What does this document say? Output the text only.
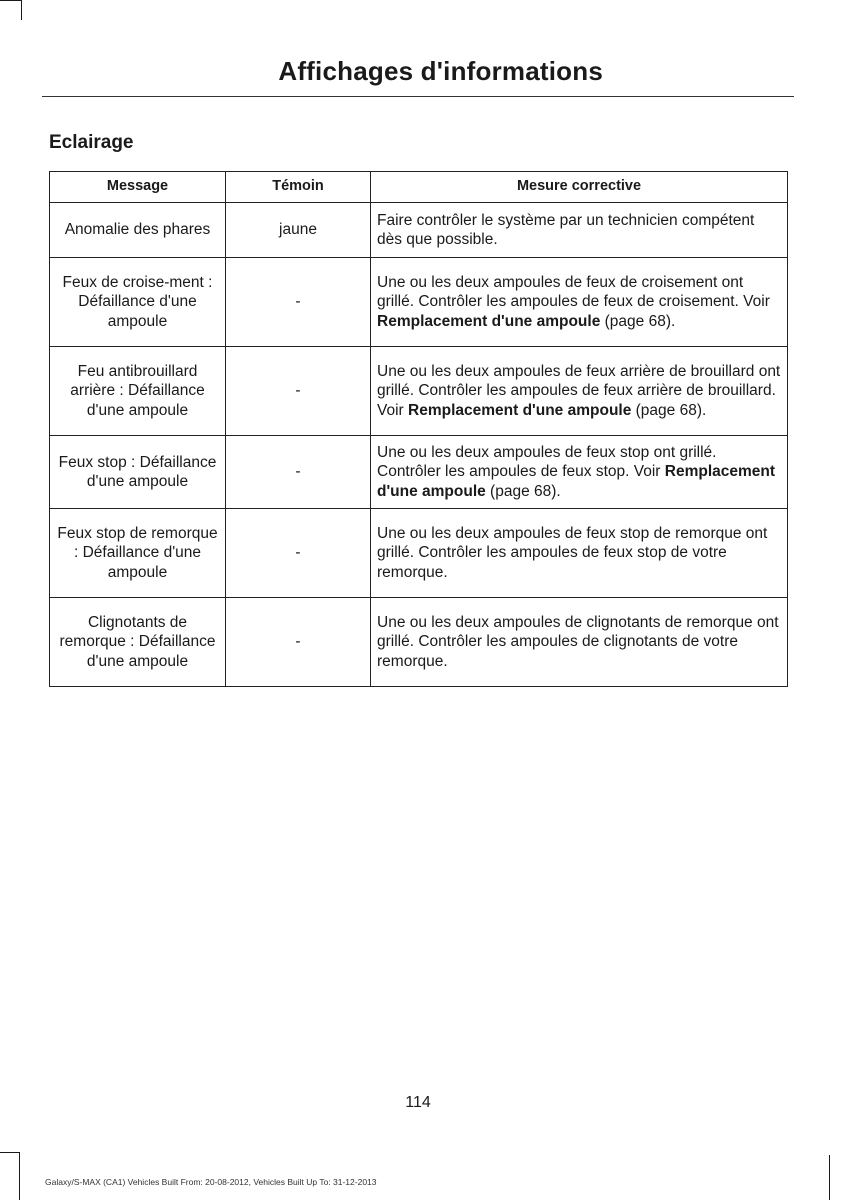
Affichages d'informations
Eclairage
Message	Témoin	Mesure corrective
Anomalie des phares	jaune	Faire contrôler le système par un technicien compétent dès que possible.
Feux de croise-ment : Défaillance d'une ampoule	-	Une ou les deux ampoules de feux de croisement ont grillé. Contrôler les ampoules de feux de croisement. Voir Remplacement d'une ampoule (page 68).
Feu antibrouillard arrière : Défaillance d'une ampoule	-	Une ou les deux ampoules de feux arrière de brouillard ont grillé. Contrôler les ampoules de feux arrière de brouillard. Voir Remplacement d'une ampoule (page 68).
Feux stop : Défaillance d'une ampoule	-	Une ou les deux ampoules de feux stop ont grillé. Contrôler les ampoules de feux stop. Voir Remplacement d'une ampoule (page 68).
Feux stop de remorque : Défaillance d'une ampoule	-	Une ou les deux ampoules de feux stop de remorque ont grillé. Contrôler les ampoules de feux stop de votre remorque.
Clignotants de remorque : Défaillance d'une ampoule	-	Une ou les deux ampoules de clignotants de remorque ont grillé. Contrôler les ampoules de clignotants de votre remorque.
114
Galaxy/S-MAX (CA1) Vehicles Built From: 20-08-2012, Vehicles Built Up To: 31-12-2013
